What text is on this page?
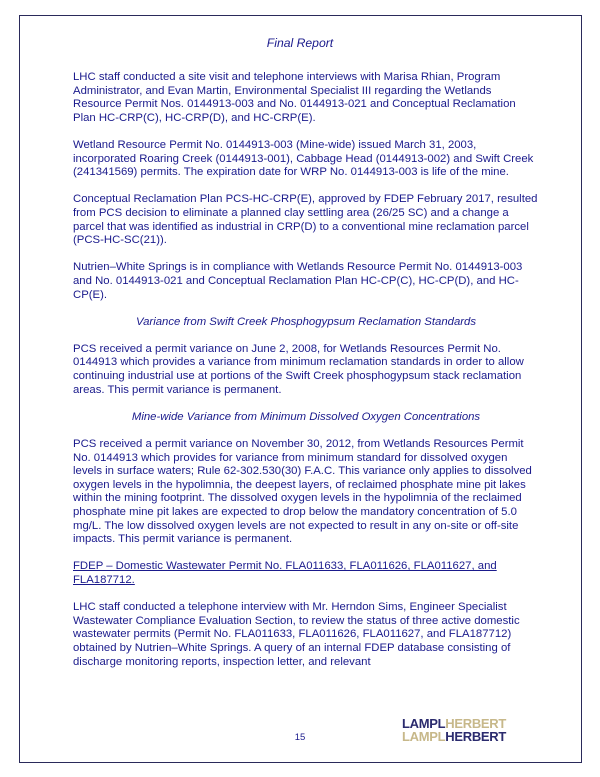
Final Report

LHC staff conducted a site visit and telephone interviews with Marisa Rhian, Program Administrator, and Evan Martin, Environmental Specialist III regarding the Wetlands Resource Permit Nos. 0144913-003 and No. 0144913-021 and Conceptual Reclamation Plan HC-CRP(C), HC-CRP(D), and HC-CRP(E).

Wetland Resource Permit No. 0144913-003 (Mine-wide) issued March 31, 2003, incorporated Roaring Creek (0144913-001), Cabbage Head (0144913-002) and Swift Creek (241341569) permits. The expiration date for WRP No. 0144913-003 is life of the mine.

Conceptual Reclamation Plan PCS-HC-CRP(E), approved by FDEP February 2017, resulted from PCS decision to eliminate a planned clay settling area (26/25 SC) and a change a parcel that was identified as industrial in CRP(D) to a conventional mine reclamation parcel (PCS-HC-SC(21)).

Nutrien–White Springs is in compliance with Wetlands Resource Permit No. 0144913-003 and No. 0144913-021 and Conceptual Reclamation Plan HC-CP(C), HC-CP(D), and HC-CP(E).

Variance from Swift Creek Phosphogypsum Reclamation Standards

PCS received a permit variance on June 2, 2008, for Wetlands Resources Permit No. 0144913 which provides a variance from minimum reclamation standards in order to allow continuing industrial use at portions of the Swift Creek phosphogypsum stack reclamation areas. This permit variance is permanent.

Mine-wide Variance from Minimum Dissolved Oxygen Concentrations

PCS received a permit variance on November 30, 2012, from Wetlands Resources Permit No. 0144913 which provides for variance from minimum standard for dissolved oxygen levels in surface waters; Rule 62-302.530(30) F.A.C. This variance only applies to dissolved oxygen levels in the hypolimnia, the deepest layers, of reclaimed phosphate mine pit lakes within the mining footprint. The dissolved oxygen levels in the hypolimnia of the reclaimed phosphate mine pit lakes are expected to drop below the mandatory concentration of 5.0 mg/L. The low dissolved oxygen levels are not expected to result in any on-site or off-site impacts. This permit variance is permanent.

FDEP – Domestic Wastewater Permit No. FLA011633, FLA011626, FLA011627, and FLA187712.

LHC staff conducted a telephone interview with Mr. Herndon Sims, Engineer Specialist Wastewater Compliance Evaluation Section, to review the status of three active domestic wastewater permits (Permit No. FLA011633, FLA011626, FLA011627, and FLA187712) obtained by Nutrien–White Springs. A query of an internal FDEP database consisting of discharge monitoring reports, inspection letter, and relevant

15
LAMPLHERBERT
LAMPLHERBERT
